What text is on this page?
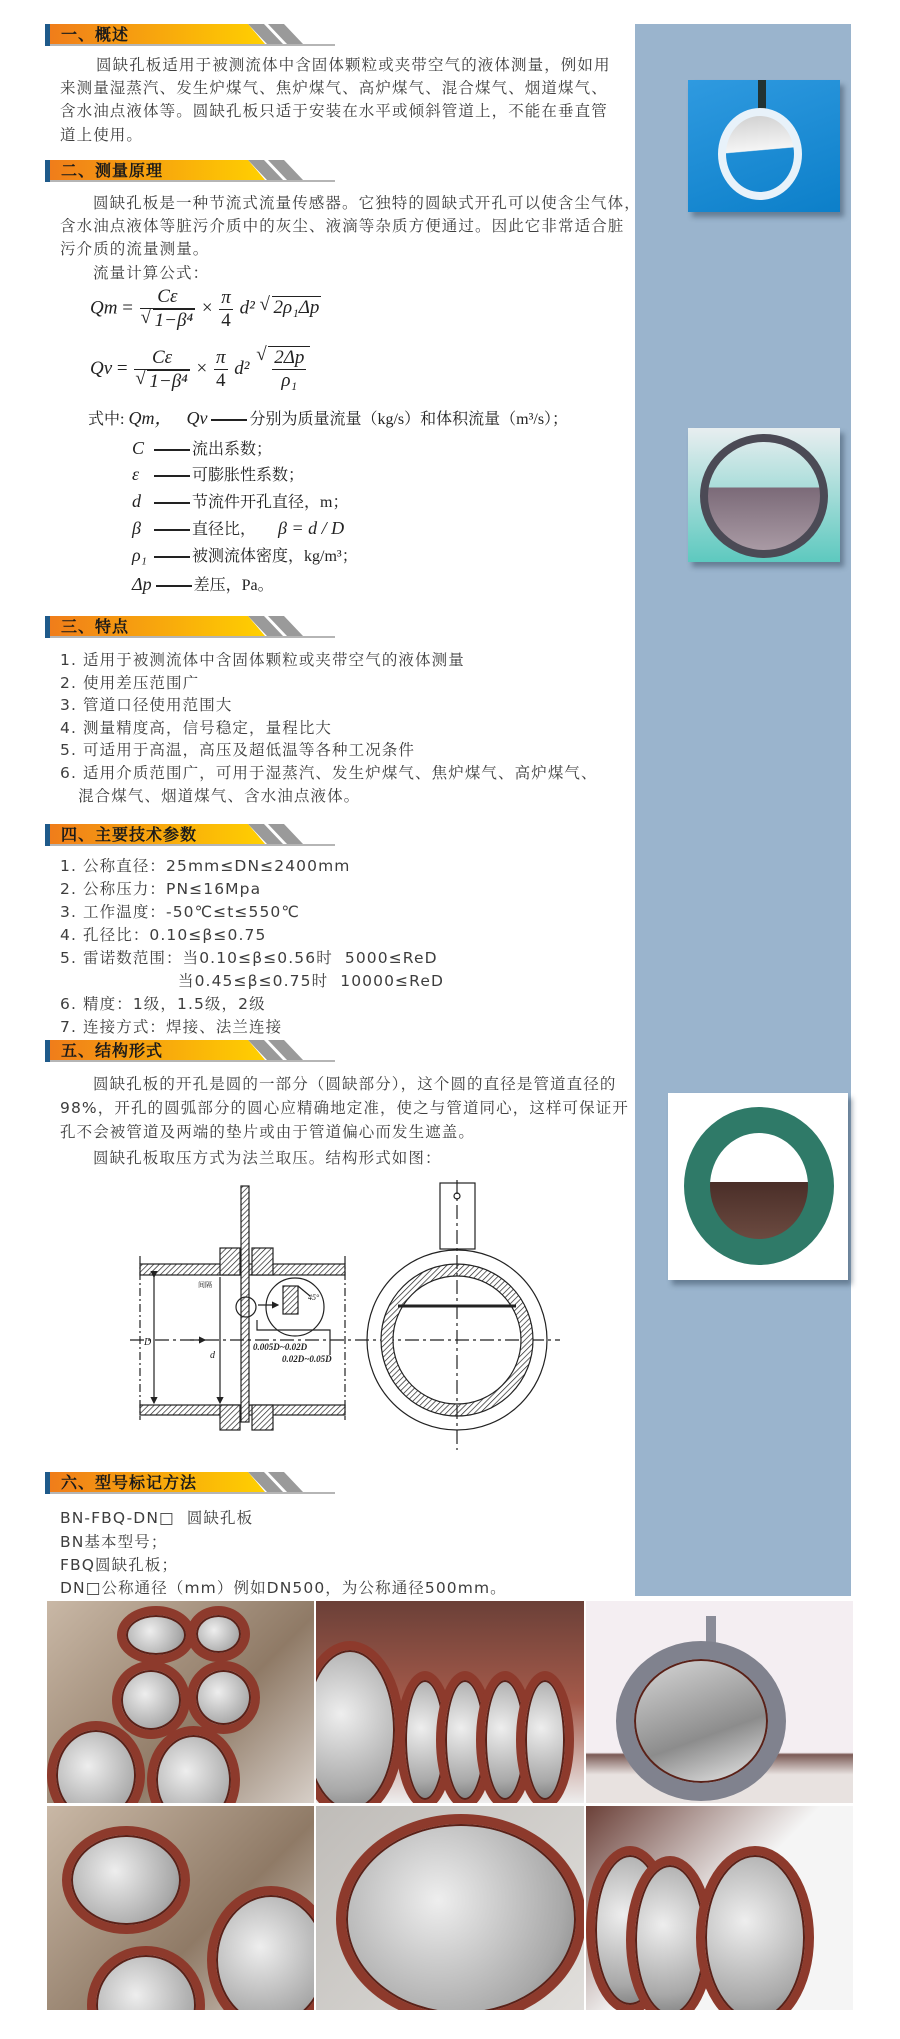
一、概述
二、测量原理
三、特点
四、主要技术参数
五、结构形式
六、型号标记方法
圆缺孔板适用于被测流体中含固体颗粒或夹带空气的液体测量，例如用
来测量湿蒸汽、发生炉煤气、焦炉煤气、高炉煤气、混合煤气、烟道煤气、
含水油点液体等。圆缺孔板只适于安装在水平或倾斜管道上，不能在垂直管
道上使用。
圆缺孔板是一种节流式流量传感器。它独特的圆缺式开孔可以使含尘气体，
含水油点液体等脏污介质中的灰尘、液滴等杂质方便通过。因此它非常适合脏
污介质的流量测量。
流量计算公式：
Qm = Cε
√ $1-\beta^4 \times \frac{\pi}{4} d^2$ √ 2ρ₁Δp
Qv = Cε
√ $1-\beta^4 \times \frac{\pi}{4} d^2$ √ $\frac{2\Delta p}{\text{ρ₁}}$
式中: Qm， Qv	分别为质量流量（kg/s）和体积流量（m³/s）；
C	流出系数；
ε	可膨胀性系数；
d	节流件开孔直径，m；
β	直径比， β = d / D
ρ₁	被测流体密度，kg/m³；
Δp	差压，Pa。
1. 适用于被测流体中含固体颗粒或夹带空气的液体测量
2. 使用差压范围广
3. 管道口径使用范围大
4. 测量精度高，信号稳定，量程比大
5. 可适用于高温，高压及超低温等各种工况条件
6. 适用介质范围广，可用于湿蒸汽、发生炉煤气、焦炉煤气、高炉煤气、
混合煤气、烟道煤气、含水油点液体。
1. 公称直径：25mm≤DN≤2400mm
2. 公称压力：PN≤16Mpa
3. 工作温度：-50℃≤t≤550℃
4. 孔径比：0.10≤β≤0.75
5. 雷诺数范围：当0.10≤β≤0.56时  5000≤ReD
当0.45≤β≤0.75时  10000≤ReD
6. 精度：1级，1.5级，2级
7. 连接方式：焊接、法兰连接
圆缺孔板的开孔是圆的一部分（圆缺部分），这个圆的直径是管道直径的
98%，开孔的圆弧部分的圆心应精确地定准，使之与管道同心，这样可保证开
孔不会被管道及两端的垫片或由于管道偏心而发生遮盖。
圆缺孔板取压方式为法兰取压。结构形式如图：
D
d
0.005D~0.02D
0.02D~0.05D
45°
间隔
BN-FBQ-DN□  圆缺孔板
BN基本型号；
FBQ圆缺孔板；
DN□公称通径（mm）例如DN500，为公称通径500mm。
